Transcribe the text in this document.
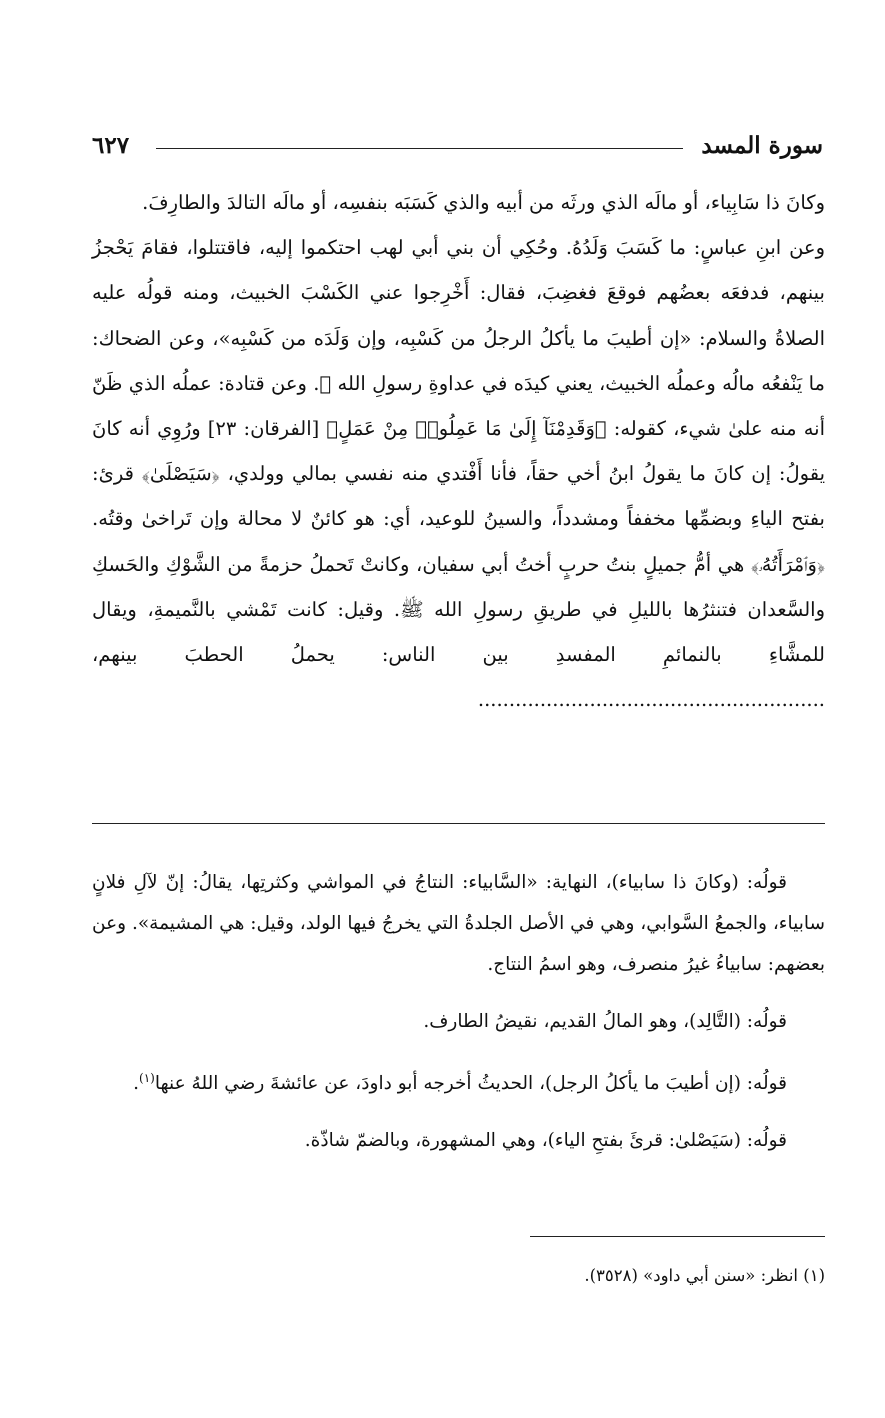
سورة المسد
٦٢٧

وكانَ ذا سَابِياء، أو مالَه الذي ورثَه من أبيه والذي كَسَبَه بنفسِه، أو مالَه التالدَ والطارِفَ.

وعن ابنِ عباسٍ: ما كَسَبَ وَلَدُهُ. وحُكِي أن بني أبي لهب احتكموا إليه، فاقتتلوا، فقامَ يَحْجزُ بينهم، فدفعَه بعضُهم فوقعَ فغضِبَ، فقال: أَخْرِجوا عني الكَسْبَ الخبيث، ومنه قولُه عليه الصلاةُ والسلام: «إن أطيبَ ما يأكلُ الرجلُ من كَسْبِه، وإن وَلَدَه من كَسْبِه»، وعن الضحاك: ما يَنْفعُه مالُه وعملُه الخبيث، يعني كيدَه في عداوةِ رسولِ الله ﷺ. وعن قتادة: عملُه الذي ظَنّ أنه منه علىٰ شيء، كقوله: ﴿وَقَدِمْنَآ إِلَىٰ مَا عَمِلُوا۟ مِنْ عَمَلٍ﴾ [الفرقان: ٢٣] ورُوِي أنه كانَ يقولُ: إن كانَ ما يقولُ ابنُ أخي حقاً، فأنا أَفْتدي منه نفسي بمالي وولدي، ﴿سَيَصْلَىٰ﴾ قرئ: بفتح الياءِ وبضمِّها مخففاً ومشدداً، والسينُ للوعيد، أي: هو كائنٌ لا محالة وإن تَراخىٰ وقتُه. ﴿وَٱمْرَأَتُهُۥ﴾ هي أمُّ جميلٍ بنتُ حربٍ أختُ أبي سفيان، وكانتْ تَحملُ حزمةً من الشَّوْكِ والحَسكِ والسَّعدان فتنثرُها بالليلِ في طريقِ رسولِ الله ﷺ. وقيل: كانت تَمْشي بالنَّميمةِ، ويقال للمشَّاءِ بالنمائمِ المفسدِ بين الناس: يحملُ الحطبَ بينهم، ........................................................

قولُه: (وكانَ ذا سابياء)، النهاية: «السَّابياء: النتاجُ في المواشي وكثرتِها، يقالُ: إنّ لآلِ فلانٍ سابياء، والجمعُ السَّوابي، وهي في الأصل الجلدةُ التي يخرجُ فيها الولد، وقيل: هي المشيمة». وعن بعضهم: سابياءُ غيرُ منصرف، وهو اسمُ النتاج.

قولُه: (التَّالِد)، وهو المالُ القديم، نقيضُ الطارف.

قولُه: (إن أطيبَ ما يأكلُ الرجل)، الحديثُ أخرجه أبو داودَ، عن عائشةَ رضي اللهُ عنها$^{(١)}$.

قولُه: (سَيَصْلىٰ: قرئَ بفتحِ الياء)، وهي المشهورة، وبالضمّ شاذّة.

(١) انظر: «سنن أبي داود» (٣٥٢٨).
